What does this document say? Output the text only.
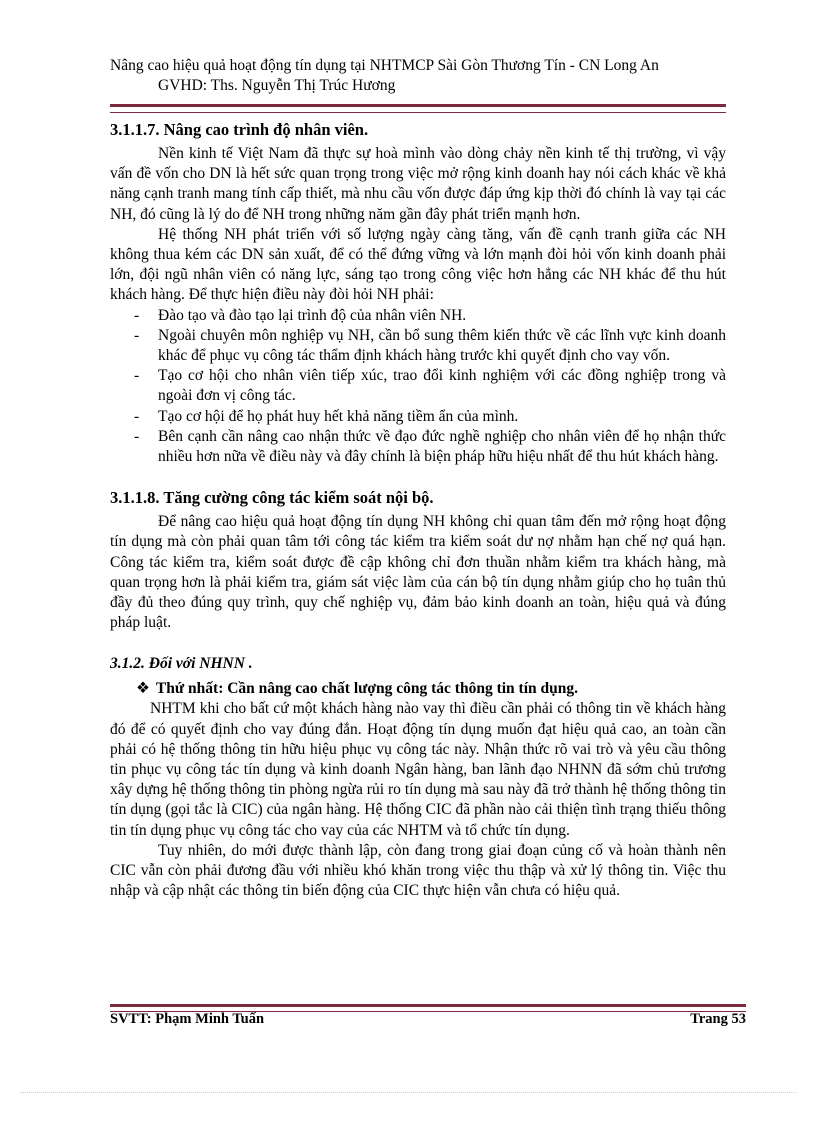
Nâng cao hiệu quả hoạt động tín dụng tại NHTMCP Sài Gòn Thương Tín - CN Long An
GVHD: Ths. Nguyễn Thị Trúc Hương
3.1.1.7. Nâng cao trình độ nhân viên.

Nền kinh tế Việt Nam đã thực sự hoà mình vào dòng chảy nền kinh tế thị trường, vì vậy vấn đề vốn cho DN là hết sức quan trọng trong việc mở rộng kinh doanh hay nói cách khác về khả năng cạnh tranh mang tính cấp thiết, mà nhu cầu vốn được đáp ứng kịp thời đó chính là vay tại các NH, đó cũng là lý do để NH trong những năm gần đây phát triển mạnh hơn.

Hệ thống NH phát triển với số lượng ngày càng tăng, vấn đề cạnh tranh giữa các NH không thua kém các DN sản xuất, để có thể đứng vững và lớn mạnh đòi hỏi vốn kinh doanh phải lớn, đội ngũ nhân viên có năng lực, sáng tạo trong công việc hơn hẳng các NH khác để thu hút khách hàng. Để thực hiện điều này đòi hỏi NH phải:

- Đào tạo và đào tạo lại trình độ của nhân viên NH.
- Ngoài chuyên môn nghiệp vụ NH, cần bổ sung thêm kiến thức về các lĩnh vực kinh doanh khác để phục vụ công tác thẩm định khách hàng trước khi quyết định cho vay vốn.
- Tạo cơ hội cho nhân viên tiếp xúc, trao đổi kinh nghiệm với các đồng nghiệp trong và ngoài đơn vị công tác.
- Tạo cơ hội để họ phát huy hết khả năng tiềm ẩn của mình.
- Bên cạnh cần nâng cao nhận thức về đạo đức nghề nghiệp cho nhân viên để họ nhận thức nhiều hơn nữa về điều này và đây chính là biện pháp hữu hiệu nhất để thu hút khách hàng.
3.1.1.8. Tăng cường công tác kiểm soát nội bộ.

Để nâng cao hiệu quả hoạt động tín dụng NH không chỉ quan tâm đến mở rộng hoạt động tín dụng mà còn phải quan tâm tới công tác kiểm tra kiểm soát dư nợ nhằm hạn chế nợ quá hạn. Công tác kiểm tra, kiểm soát được đề cập không chỉ đơn thuần nhằm kiểm tra khách hàng, mà quan trọng hơn là phải kiểm tra, giám sát việc làm của cán bộ tín dụng nhằm giúp cho họ tuân thủ đầy đủ theo đúng quy trình, quy chế nghiệp vụ, đảm bảo kinh doanh an toàn, hiệu quả và đúng pháp luật.

3.1.2. Đối với NHNN .
❖ Thứ nhất: Cần nâng cao chất lượng công tác thông tin tín dụng.

NHTM khi cho bất cứ một khách hàng nào vay thì điều cần phải có thông tin về khách hàng đó để có quyết định cho vay đúng đắn. Hoạt động tín dụng muốn đạt hiệu quả cao, an toàn cần phải có hệ thống thông tin hữu hiệu phục vụ công tác này. Nhận thức rõ vai trò và yêu cầu thông tin phục vụ công tác tín dụng và kinh doanh Ngân hàng, ban lãnh đạo NHNN đã sớm chủ trương xây dựng hệ thống thông tin phòng ngừa rủi ro tín dụng mà sau này đã trở thành hệ thống thông tin tín dụng (gọi tắc là CIC) của ngân hàng. Hệ thống CIC đã phần nào cải thiện tình trạng thiếu thông tin tín dụng phục vụ công tác cho vay của các NHTM và tổ chức tín dụng.

Tuy nhiên, do mới được thành lập, còn đang trong giai đoạn củng cố và hoàn thành nên CIC vẫn còn phải đương đầu với nhiều khó khăn trong việc thu thập và xử lý thông tin. Việc thu nhập và cập nhật các thông tin biến động của CIC thực hiện vẫn chưa có hiệu quả.

SVTT: Phạm Minh Tuấn	Trang 53
